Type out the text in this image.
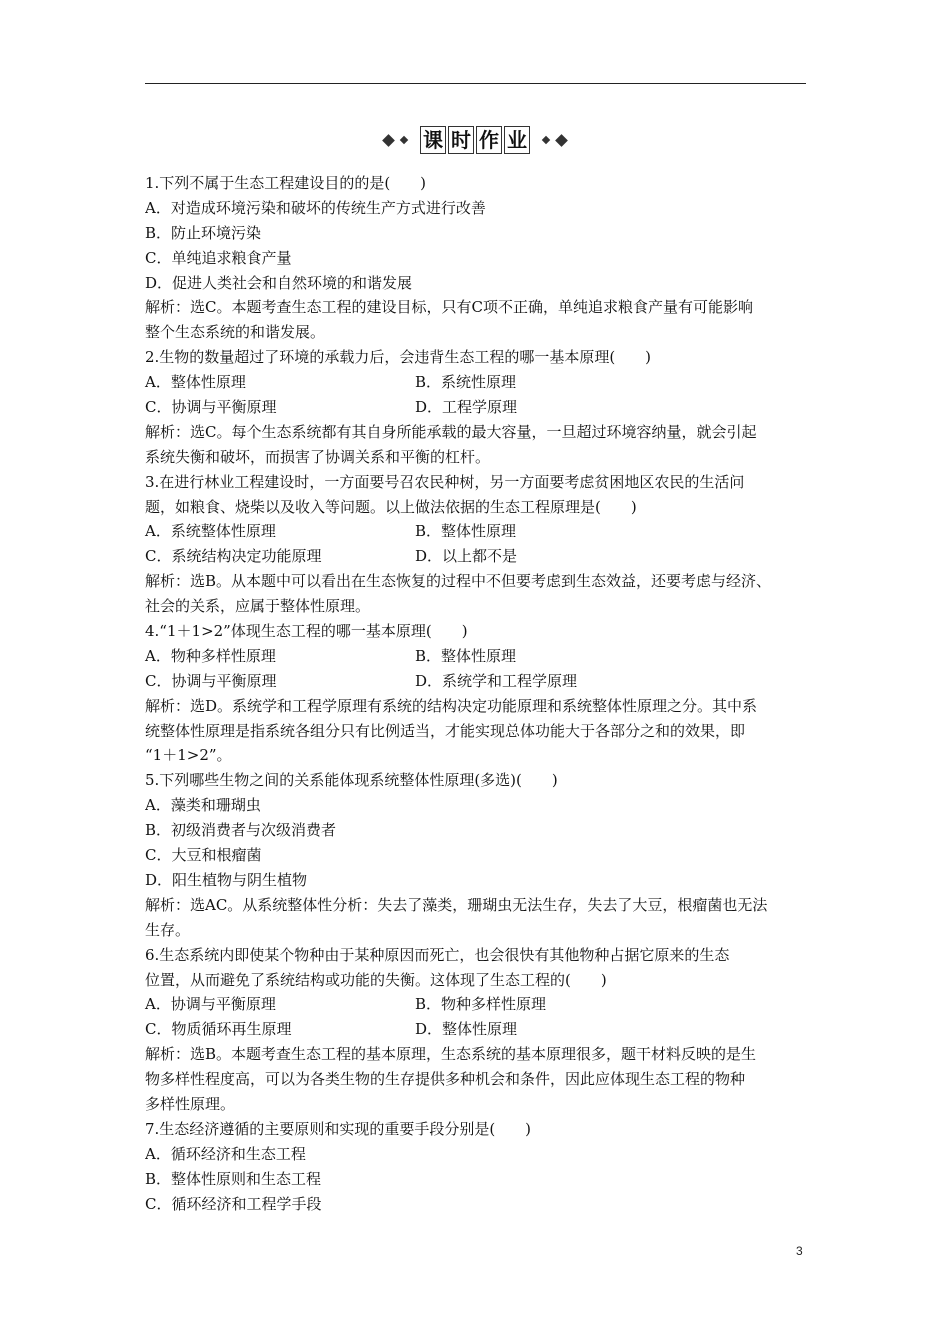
课 时 作 业
1.下列不属于生态工程建设目的的是(　　)
A．对造成环境污染和破坏的传统生产方式进行改善
B．防止环境污染
C．单纯追求粮食产量
D．促进人类社会和自然环境的和谐发展
解析：选C。本题考查生态工程的建设目标，只有C项不正确，单纯追求粮食产量有可能影响
整个生态系统的和谐发展。
2.生物的数量超过了环境的承载力后，会违背生态工程的哪一基本原理(　　)
A．整体性原理	B．系统性原理
C．协调与平衡原理	D．工程学原理
解析：选C。每个生态系统都有其自身所能承载的最大容量，一旦超过环境容纳量，就会引起
系统失衡和破坏，而损害了协调关系和平衡的杠杆。
3.在进行林业工程建设时，一方面要号召农民种树，另一方面要考虑贫困地区农民的生活问
题，如粮食、烧柴以及收入等问题。以上做法依据的生态工程原理是(　　)
A．系统整体性原理	B．整体性原理
C．系统结构决定功能原理	D．以上都不是
解析：选B。从本题中可以看出在生态恢复的过程中不但要考虑到生态效益，还要考虑与经济、
社会的关系，应属于整体性原理。
4.“1＋1>2”体现生态工程的哪一基本原理(　　)
A．物种多样性原理	B．整体性原理
C．协调与平衡原理	D．系统学和工程学原理
解析：选D。系统学和工程学原理有系统的结构决定功能原理和系统整体性原理之分。其中系
统整体性原理是指系统各组分只有比例适当，才能实现总体功能大于各部分之和的效果，即
“1＋1>2”。
5.下列哪些生物之间的关系能体现系统整体性原理(多选)(　　)
A．藻类和珊瑚虫
B．初级消费者与次级消费者
C．大豆和根瘤菌
D．阳生植物与阴生植物
解析：选AC。从系统整体性分析：失去了藻类，珊瑚虫无法生存，失去了大豆，根瘤菌也无法
生存。
6.生态系统内即使某个物种由于某种原因而死亡，也会很快有其他物种占据它原来的生态
位置，从而避免了系统结构或功能的失衡。这体现了生态工程的(　　)
A．协调与平衡原理	B．物种多样性原理
C．物质循环再生原理	D．整体性原理
解析：选B。本题考查生态工程的基本原理，生态系统的基本原理很多，题干材料反映的是生
物多样性程度高，可以为各类生物的生存提供多种机会和条件，因此应体现生态工程的物种
多样性原理。
7.生态经济遵循的主要原则和实现的重要手段分别是(　　)
A．循环经济和生态工程
B．整体性原则和生态工程
C．循环经济和工程学手段
3
